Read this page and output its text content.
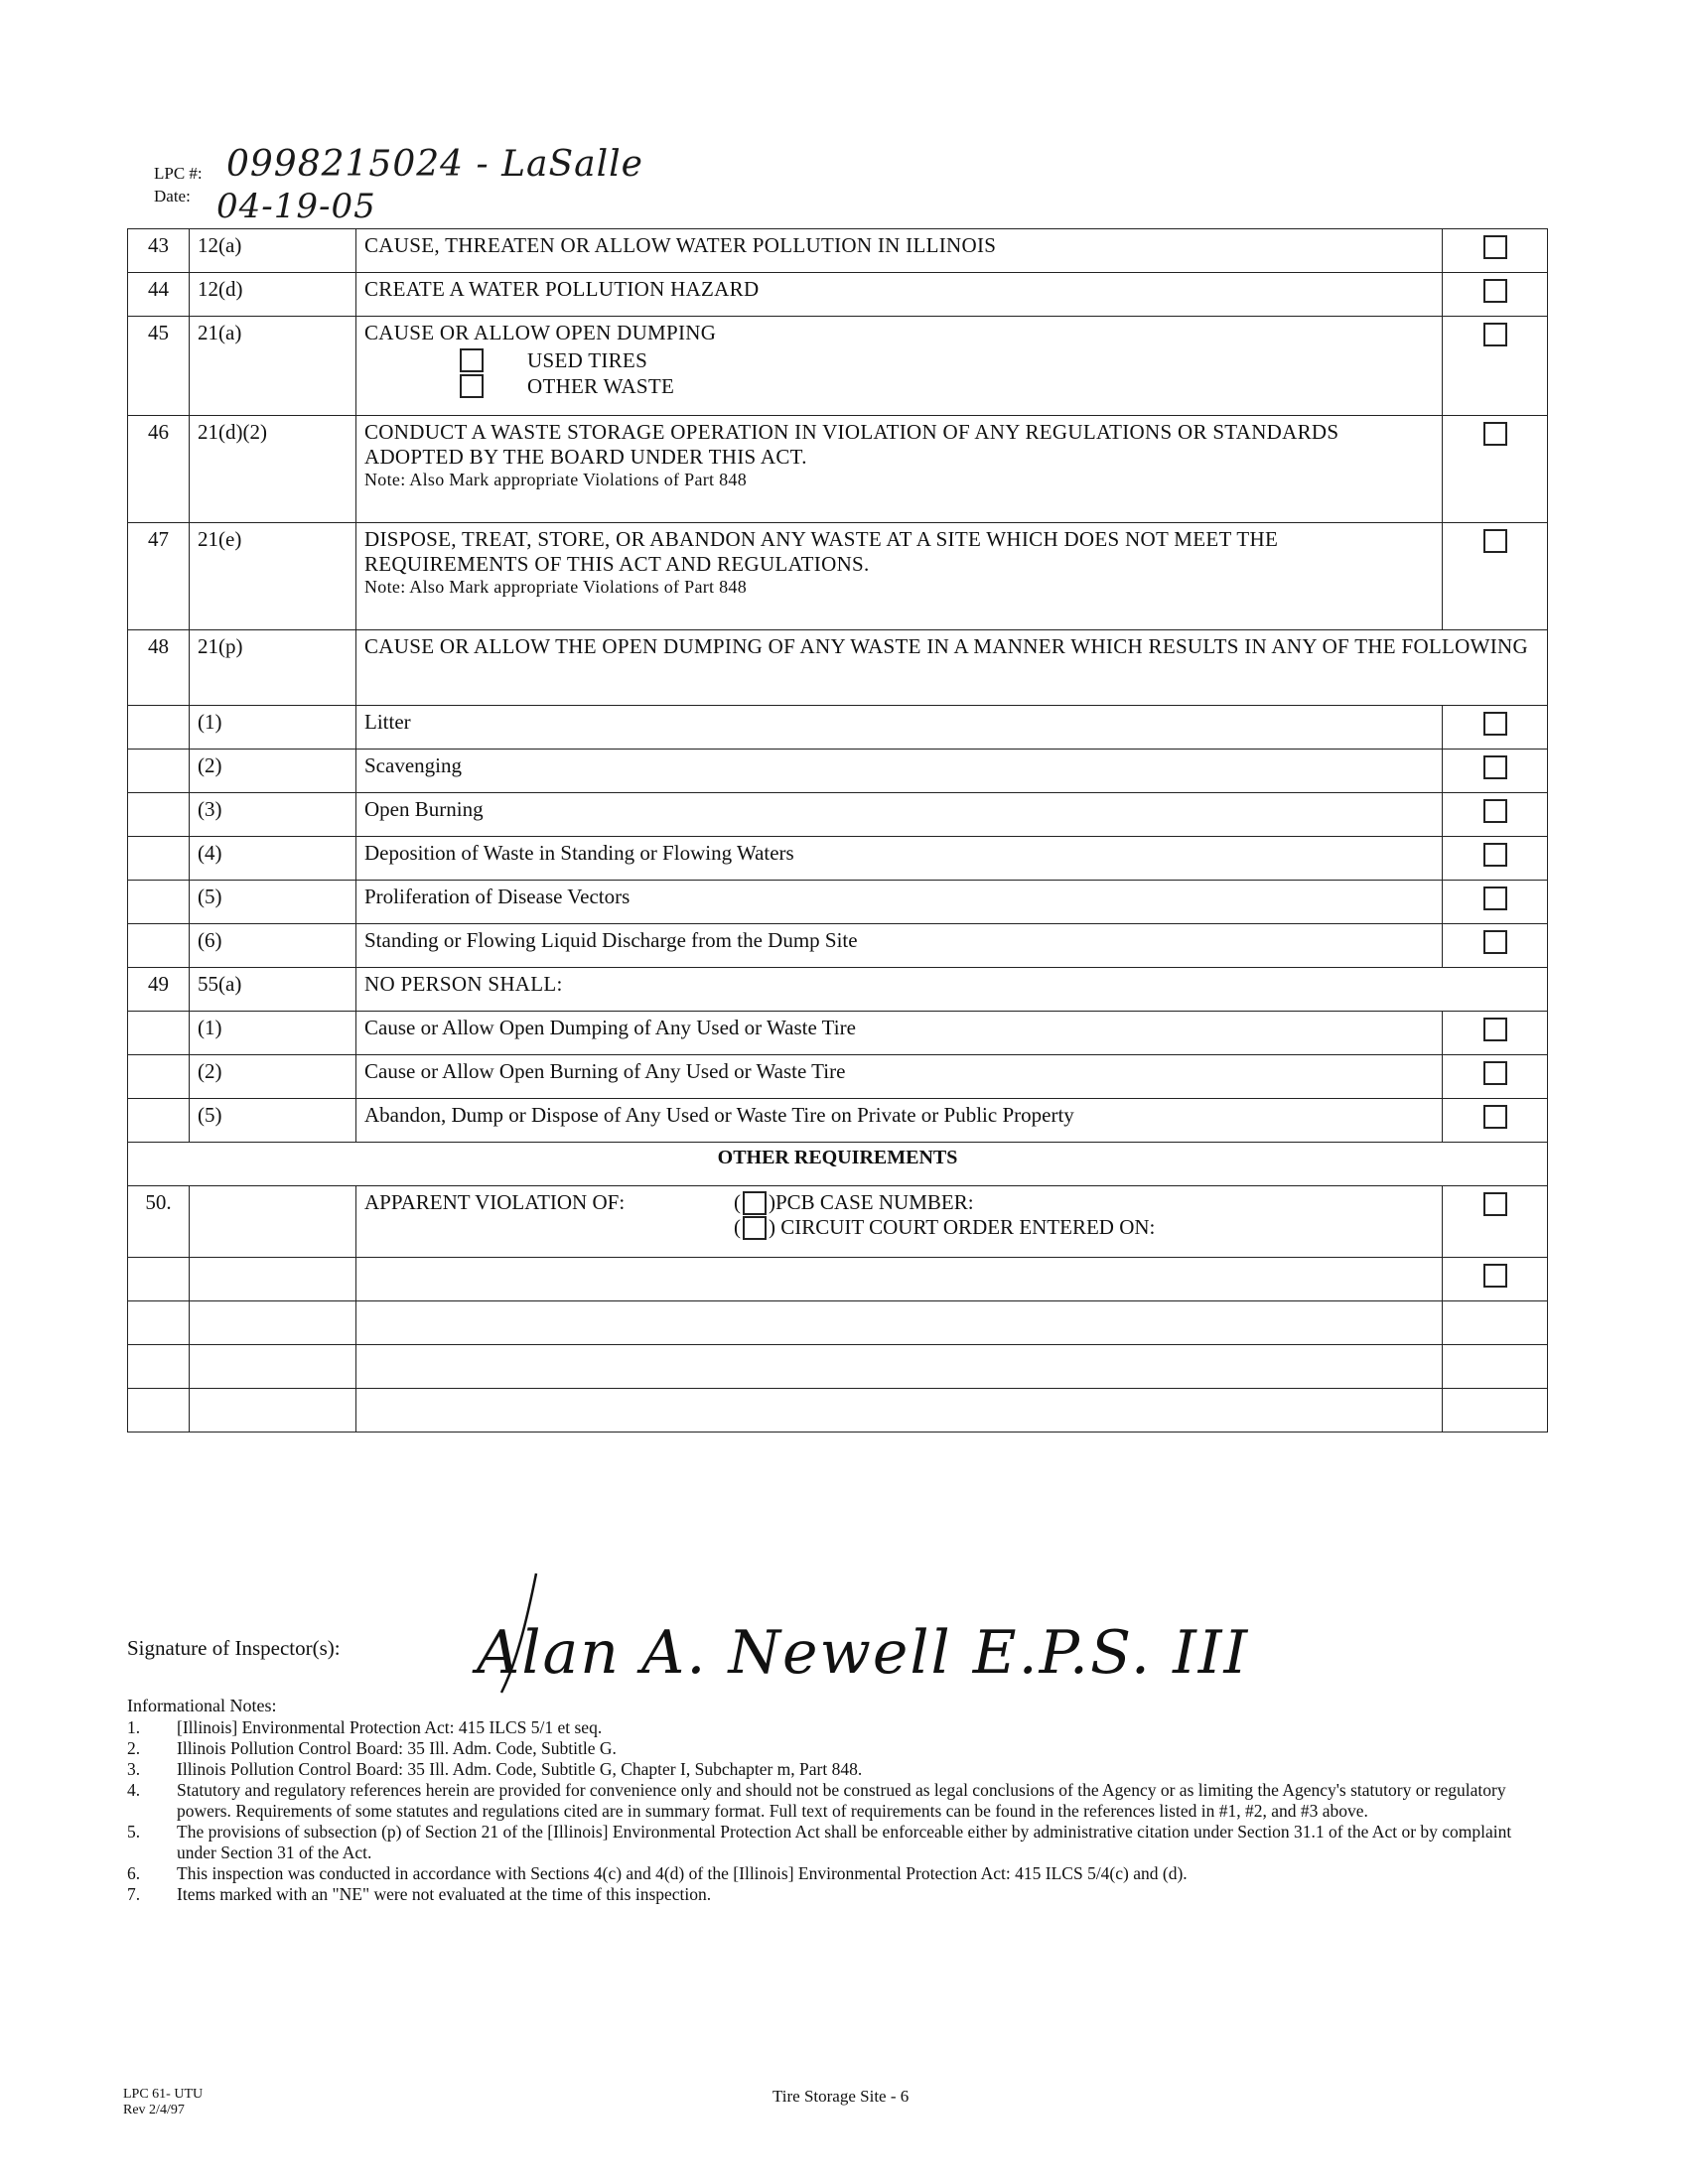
LPC #: 0998215024 - LaSalle
Date: 04-19-05
43	12(a)	CAUSE, THREATEN OR ALLOW WATER POLLUTION IN ILLINOIS	
44	12(d)	CREATE A WATER POLLUTION HAZARD	
45	21(a)	CAUSE OR ALLOW OPEN DUMPING
USED TIRES
OTHER WASTE	

46	21(d)(2)	CONDUCT A WASTE STORAGE OPERATION IN VIOLATION OF ANY REGULATIONS OR STANDARDS ADOPTED BY THE BOARD UNDER THIS ACT.
Note: Also Mark appropriate Violations of Part 848	

47	21(e)	DISPOSE, TREAT, STORE, OR ABANDON ANY WASTE AT A SITE WHICH DOES NOT MEET THE REQUIREMENTS OF THIS ACT AND REGULATIONS.
Note: Also Mark appropriate Violations of Part 848	

48	21(p)	CAUSE OR ALLOW THE OPEN DUMPING OF ANY WASTE IN A MANNER WHICH RESULTS IN ANY OF THE FOLLOWING	
	(1)	Litter	
	(2)	Scavenging	
	(3)	Open Burning	
	(4)	Deposition of Waste in Standing or Flowing Waters	
	(5)	Proliferation of Disease Vectors	
	(6)	Standing or Flowing Liquid Discharge from the Dump Site	
49	55(a)	NO PERSON SHALL:	
	(1)	Cause or Allow Open Dumping of Any Used or Waste Tire	
	(2)	Cause or Allow Open Burning of Any Used or Waste Tire	
	(5)	Abandon, Dump or Dispose of Any Used or Waste Tire on Private or Public Property	
OTHER REQUIREMENTS			
50.		APPARENT VIOLATION OF: ( )PCB CASE NUMBER:
( ) CIRCUIT COURT ORDER ENTERED ON:	

Signature of Inspector(s): Alan A. Newell E.P.S. III
Informational Notes:
1.	[Illinois] Environmental Protection Act: 415 ILCS 5/1 et seq.
2.	Illinois Pollution Control Board: 35 Ill. Adm. Code, Subtitle G.
3.	Illinois Pollution Control Board: 35 Ill. Adm. Code, Subtitle G, Chapter I, Subchapter m, Part 848.
4.	Statutory and regulatory references herein are provided for convenience only and should not be construed as legal conclusions of the Agency or as limiting the Agency's statutory or regulatory powers. Requirements of some statutes and regulations cited are in summary format. Full text of requirements can be found in the references listed in #1, #2, and #3 above.
5.	The provisions of subsection (p) of Section 21 of the [Illinois] Environmental Protection Act shall be enforceable either by administrative citation under Section 31.1 of the Act or by complaint under Section 31 of the Act.
6.	This inspection was conducted in accordance with Sections 4(c) and 4(d) of the [Illinois] Environmental Protection Act: 415 ILCS 5/4(c) and (d).
7.	Items marked with an "NE" were not evaluated at the time of this inspection.
LPC 61- UTU
Rev 2/4/97
Tire Storage Site - 6
